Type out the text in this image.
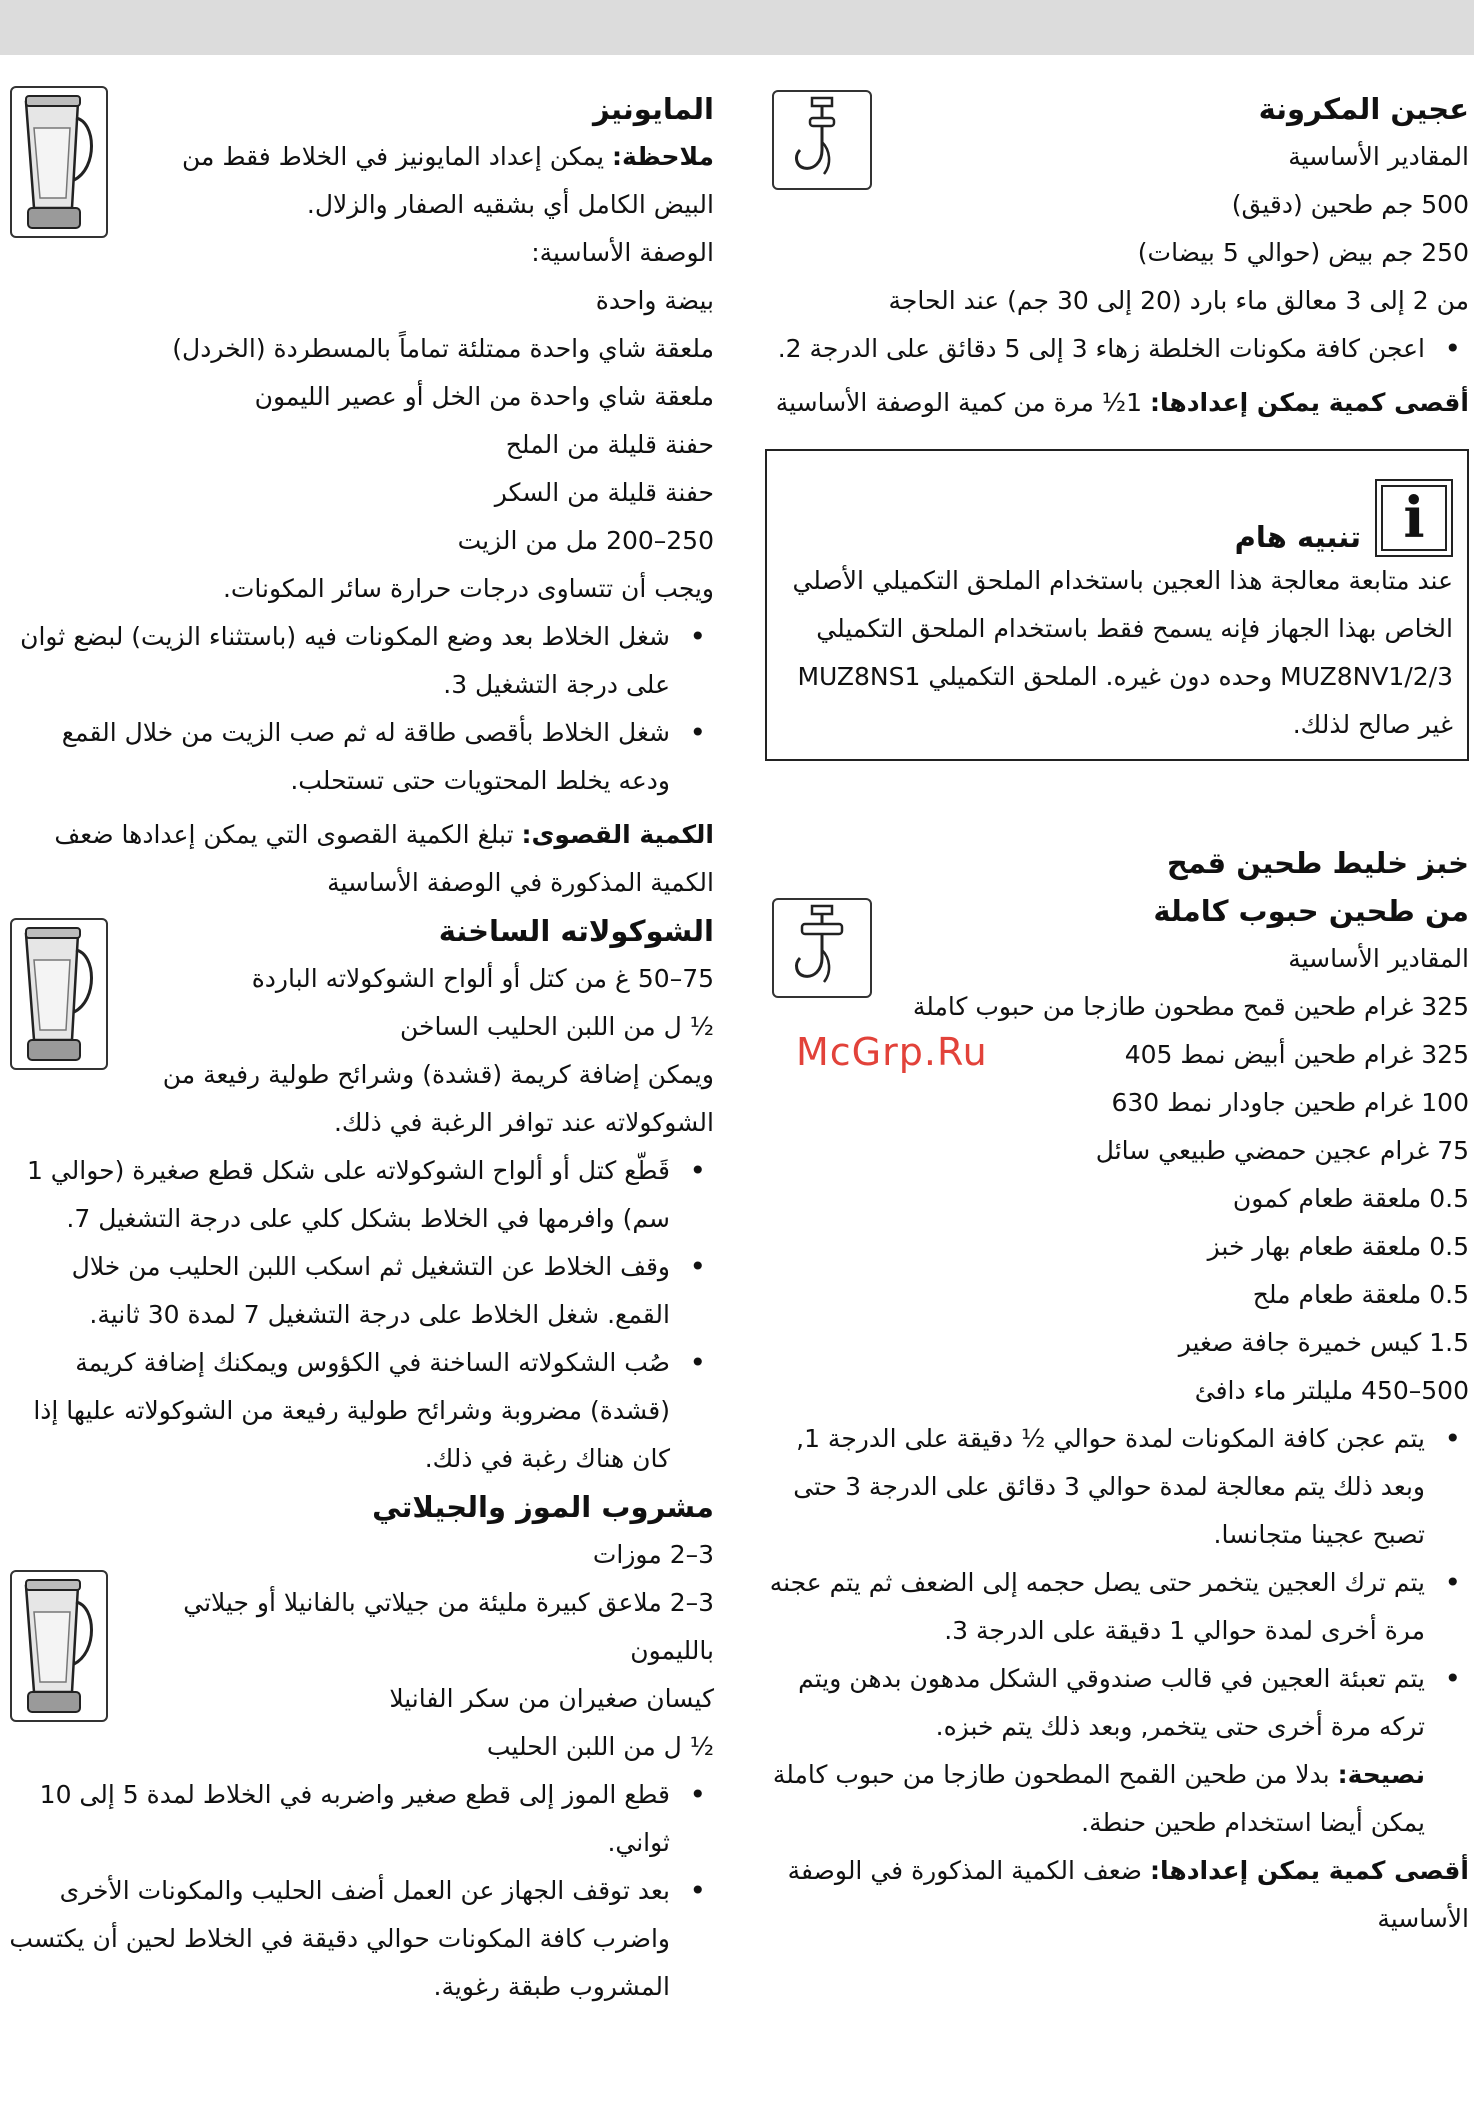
عجين المكرونة

المقادير الأساسية

500 جم طحين (دقيق)

250 جم بيض (حوالي 5 بيضات)

من 2 إلى 3 معالق ماء بارد (20 إلى 30 جم) عند الحاجة

• اعجن كافة مكونات الخلطة زهاء 3 إلى 5 دقائق على الدرجة 2.

أقصى كمية يمكن إعدادها: 1½ مرة من كمية الوصفة الأساسية

i
تنبيه هام

عند متابعة معالجة هذا العجين باستخدام الملحق التكميلي الأصلي الخاص بهذا الجهاز فإنه يسمح فقط باستخدام الملحق التكميلي MUZ8NV1/2/3 وحده دون غيره. الملحق التكميلي MUZ8NS1 غير صالح لذلك.

خبز خليط طحين قمح
من طحين حبوب كاملة

المقادير الأساسية

325 غرام طحين قمح مطحون طازجا من حبوب كاملة

325 غرام طحين أبيض نمط 405

100 غرام طحين جاودار نمط 630

75 غرام عجين حمضي طبيعي سائل

0.5 ملعقة طعام كمون

0.5 ملعقة طعام بهار خبز

0.5 ملعقة طعام ملح

1.5 كيس خميرة جافة صغير

500–450 مليلتر ماء دافئ

• يتم عجن كافة المكونات لمدة حوالي ½ دقيقة على الدرجة 1, وبعد ذلك يتم معالجة لمدة حوالي 3 دقائق على الدرجة 3 حتى تصبح عجينا متجانسا.
• يتم ترك العجين يتخمر حتى يصل حجمه إلى الضعف ثم يتم عجنه مرة أخرى لمدة حوالي 1 دقيقة على الدرجة 3.
• يتم تعبئة العجين في قالب صندوقي الشكل مدهون بدهن ويتم تركه مرة أخرى حتى يتخمر, وبعد ذلك يتم خبزه.

نصيحة: بدلا من طحين القمح المطحون طازجا من حبوب كاملة يمكن أيضا استخدام طحين حنطة.

أقصى كمية يمكن إعدادها: ضعف الكمية المذكورة في الوصفة الأساسية

المايونيز

ملاحظة: يمكن إعداد المايونيز في الخلاط فقط من البيض الكامل أي بشقيه الصفار والزلال.

الوصفة الأساسية:

بيضة واحدة

ملعقة شاي واحدة ممتلئة تماماً بالمسطردة (الخردل)

ملعقة شاي واحدة من الخل أو عصير الليمون

حفنة قليلة من الملح

حفنة قليلة من السكر

250–200 مل من الزيت

ويجب أن تتساوى درجات حرارة سائر المكونات.

• شغل الخلاط بعد وضع المكونات فيه (باستثناء الزيت) لبضع ثوان على درجة التشغيل 3.
• شغل الخلاط بأقصى طاقة له ثم صب الزيت من خلال القمع ودعه يخلط المحتويات حتى تستحلب.

الكمية القصوى: تبلغ الكمية القصوى التي يمكن إعدادها ضعف الكمية المذكورة في الوصفة الأساسية

الشوكولاته الساخنة

75–50 غ من كتل أو ألواح الشوكولاته الباردة

½ ل من اللبن الحليب الساخن

ويمكن إضافة كريمة (قشدة) وشرائح طولية رفيعة من الشوكولاته عند توافر الرغبة في ذلك.

• قَطّع كتل أو ألواح الشوكولاته على شكل قطع صغيرة (حوالي 1 سم) وافرمها في الخلاط بشكل كلي على درجة التشغيل 7.
• وقف الخلاط عن التشغيل ثم اسكب اللبن الحليب من خلال القمع. شغل الخلاط على درجة التشغيل 7 لمدة 30 ثانية.
• صُب الشكولاته الساخنة في الكؤوس ويمكنك إضافة كريمة (قشدة) مضروبة وشرائح طولية رفيعة من الشوكولاته عليها إذا كان هناك رغبة في ذلك.
مشروب الموز والجيلاتي

3–2 موزات

3–2 ملاعق كبيرة مليئة من جيلاتي بالفانيلا أو جيلاتي بالليمون

كيسان صغيران من سكر الفانيلا

½ ل من اللبن الحليب

• قطع الموز إلى قطع صغير واضربه في الخلاط لمدة 5 إلى 10 ثواني.
• بعد توقف الجهاز عن العمل أضف الحليب والمكونات الأخرى واضرب كافة المكونات حوالي دقيقة في الخلاط لحين أن يكتسب المشروب طبقة رغوية.
McGrp.Ru
